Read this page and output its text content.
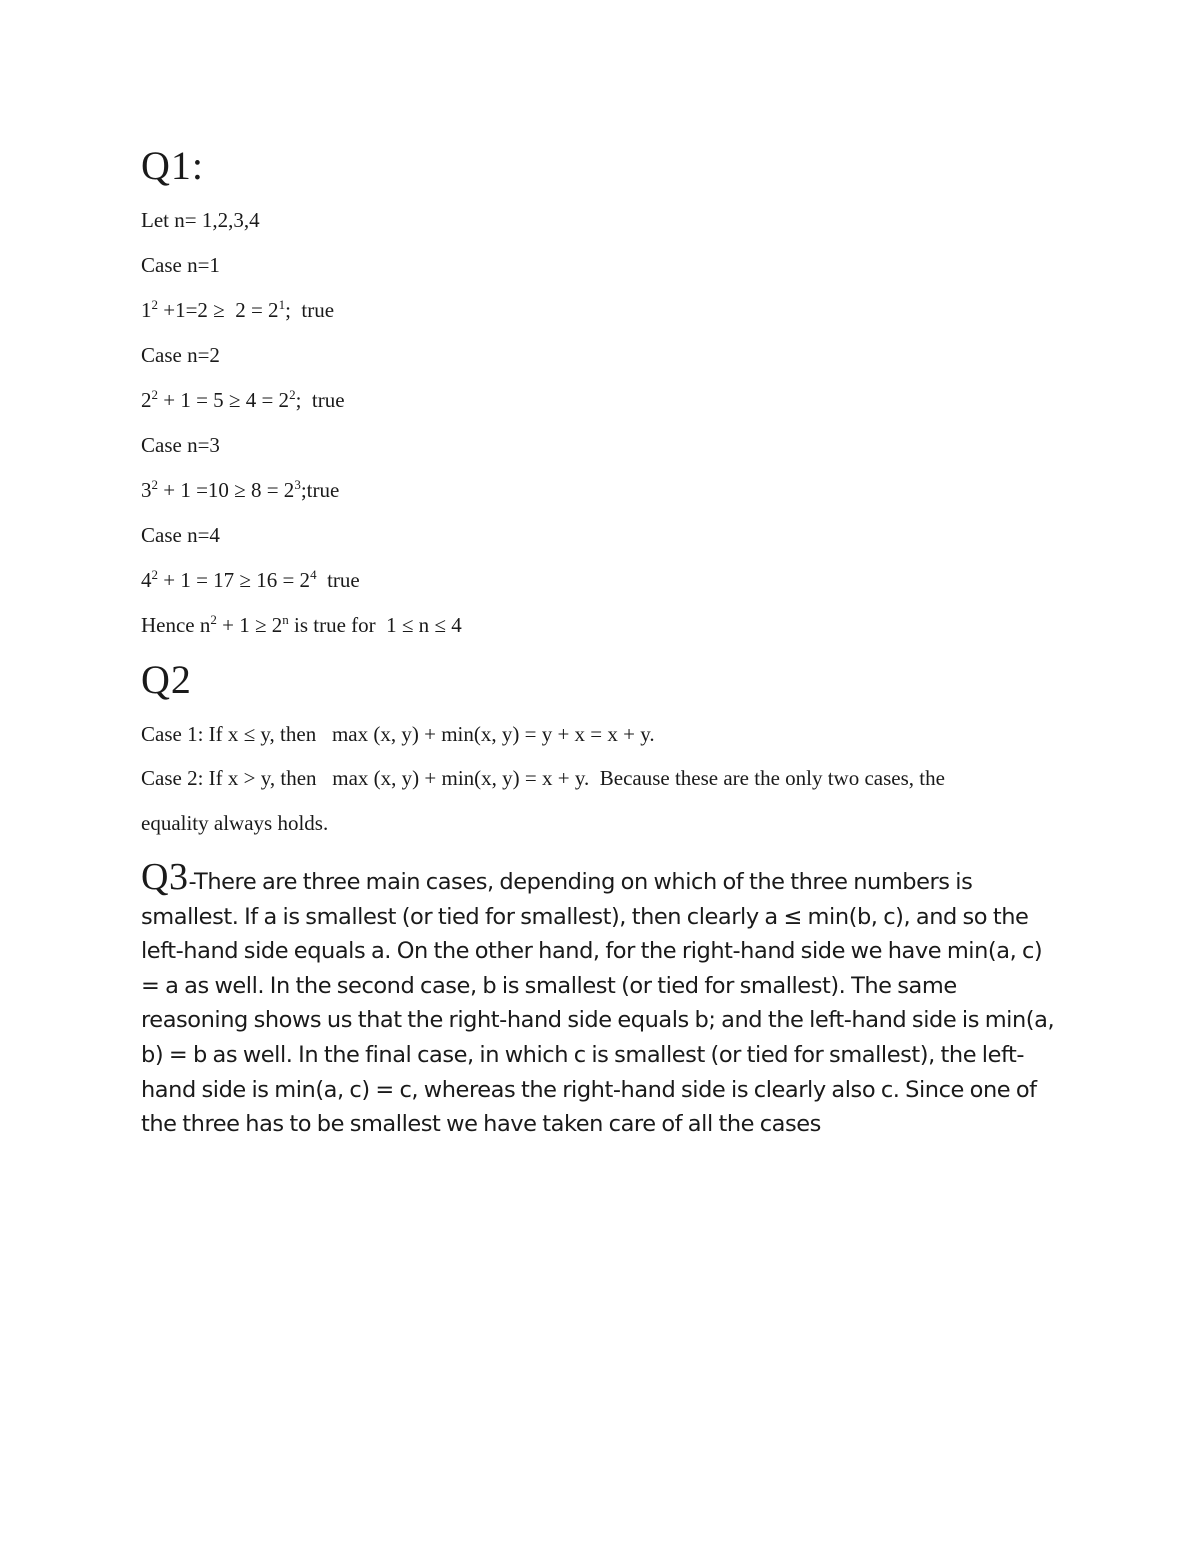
Q1:
Let n= 1,2,3,4
Case n=1
$1^2 +1=2 \ge 2 = 2^1$;  true
Case n=2
$2^2 + 1 = 5 \ge 4 = 2^2$;  true
Case n=3
$3^2 + 1 =10 \ge 8$ = $2^3;true$
Case n=4
$4^2 + 1 = 17 \ge 16 = 2^4$  true
Hence $n^2 + 1 \ge 2^n$ is true for  1 ≤ n ≤ 4
Q2
Case 1: If x ≤ y, then   max (x, y) + min(x, y) = y + x = x + y.
Case 2: If x > y, then   max (x, y) + min(x, y) = x + y.  Because these are the only two cases, the
equality always holds.
Q3-There are three main cases, depending on which of the three numbers is smallest. If a is smallest (or tied for smallest), then clearly a ≤ min(b, c), and so the left-hand side equals a. On the other hand, for the right-hand side we have min(a, c) = a as well. In the second case, b is smallest (or tied for smallest). The same reasoning shows us that the right-hand side equals b; and the left-hand side is min(a, b) = b as well. In the final case, in which c is smallest (or tied for smallest), the left-hand side is min(a, c) = c, whereas the right-hand side is clearly also c. Since one of the three has to be smallest we have taken care of all the cases
